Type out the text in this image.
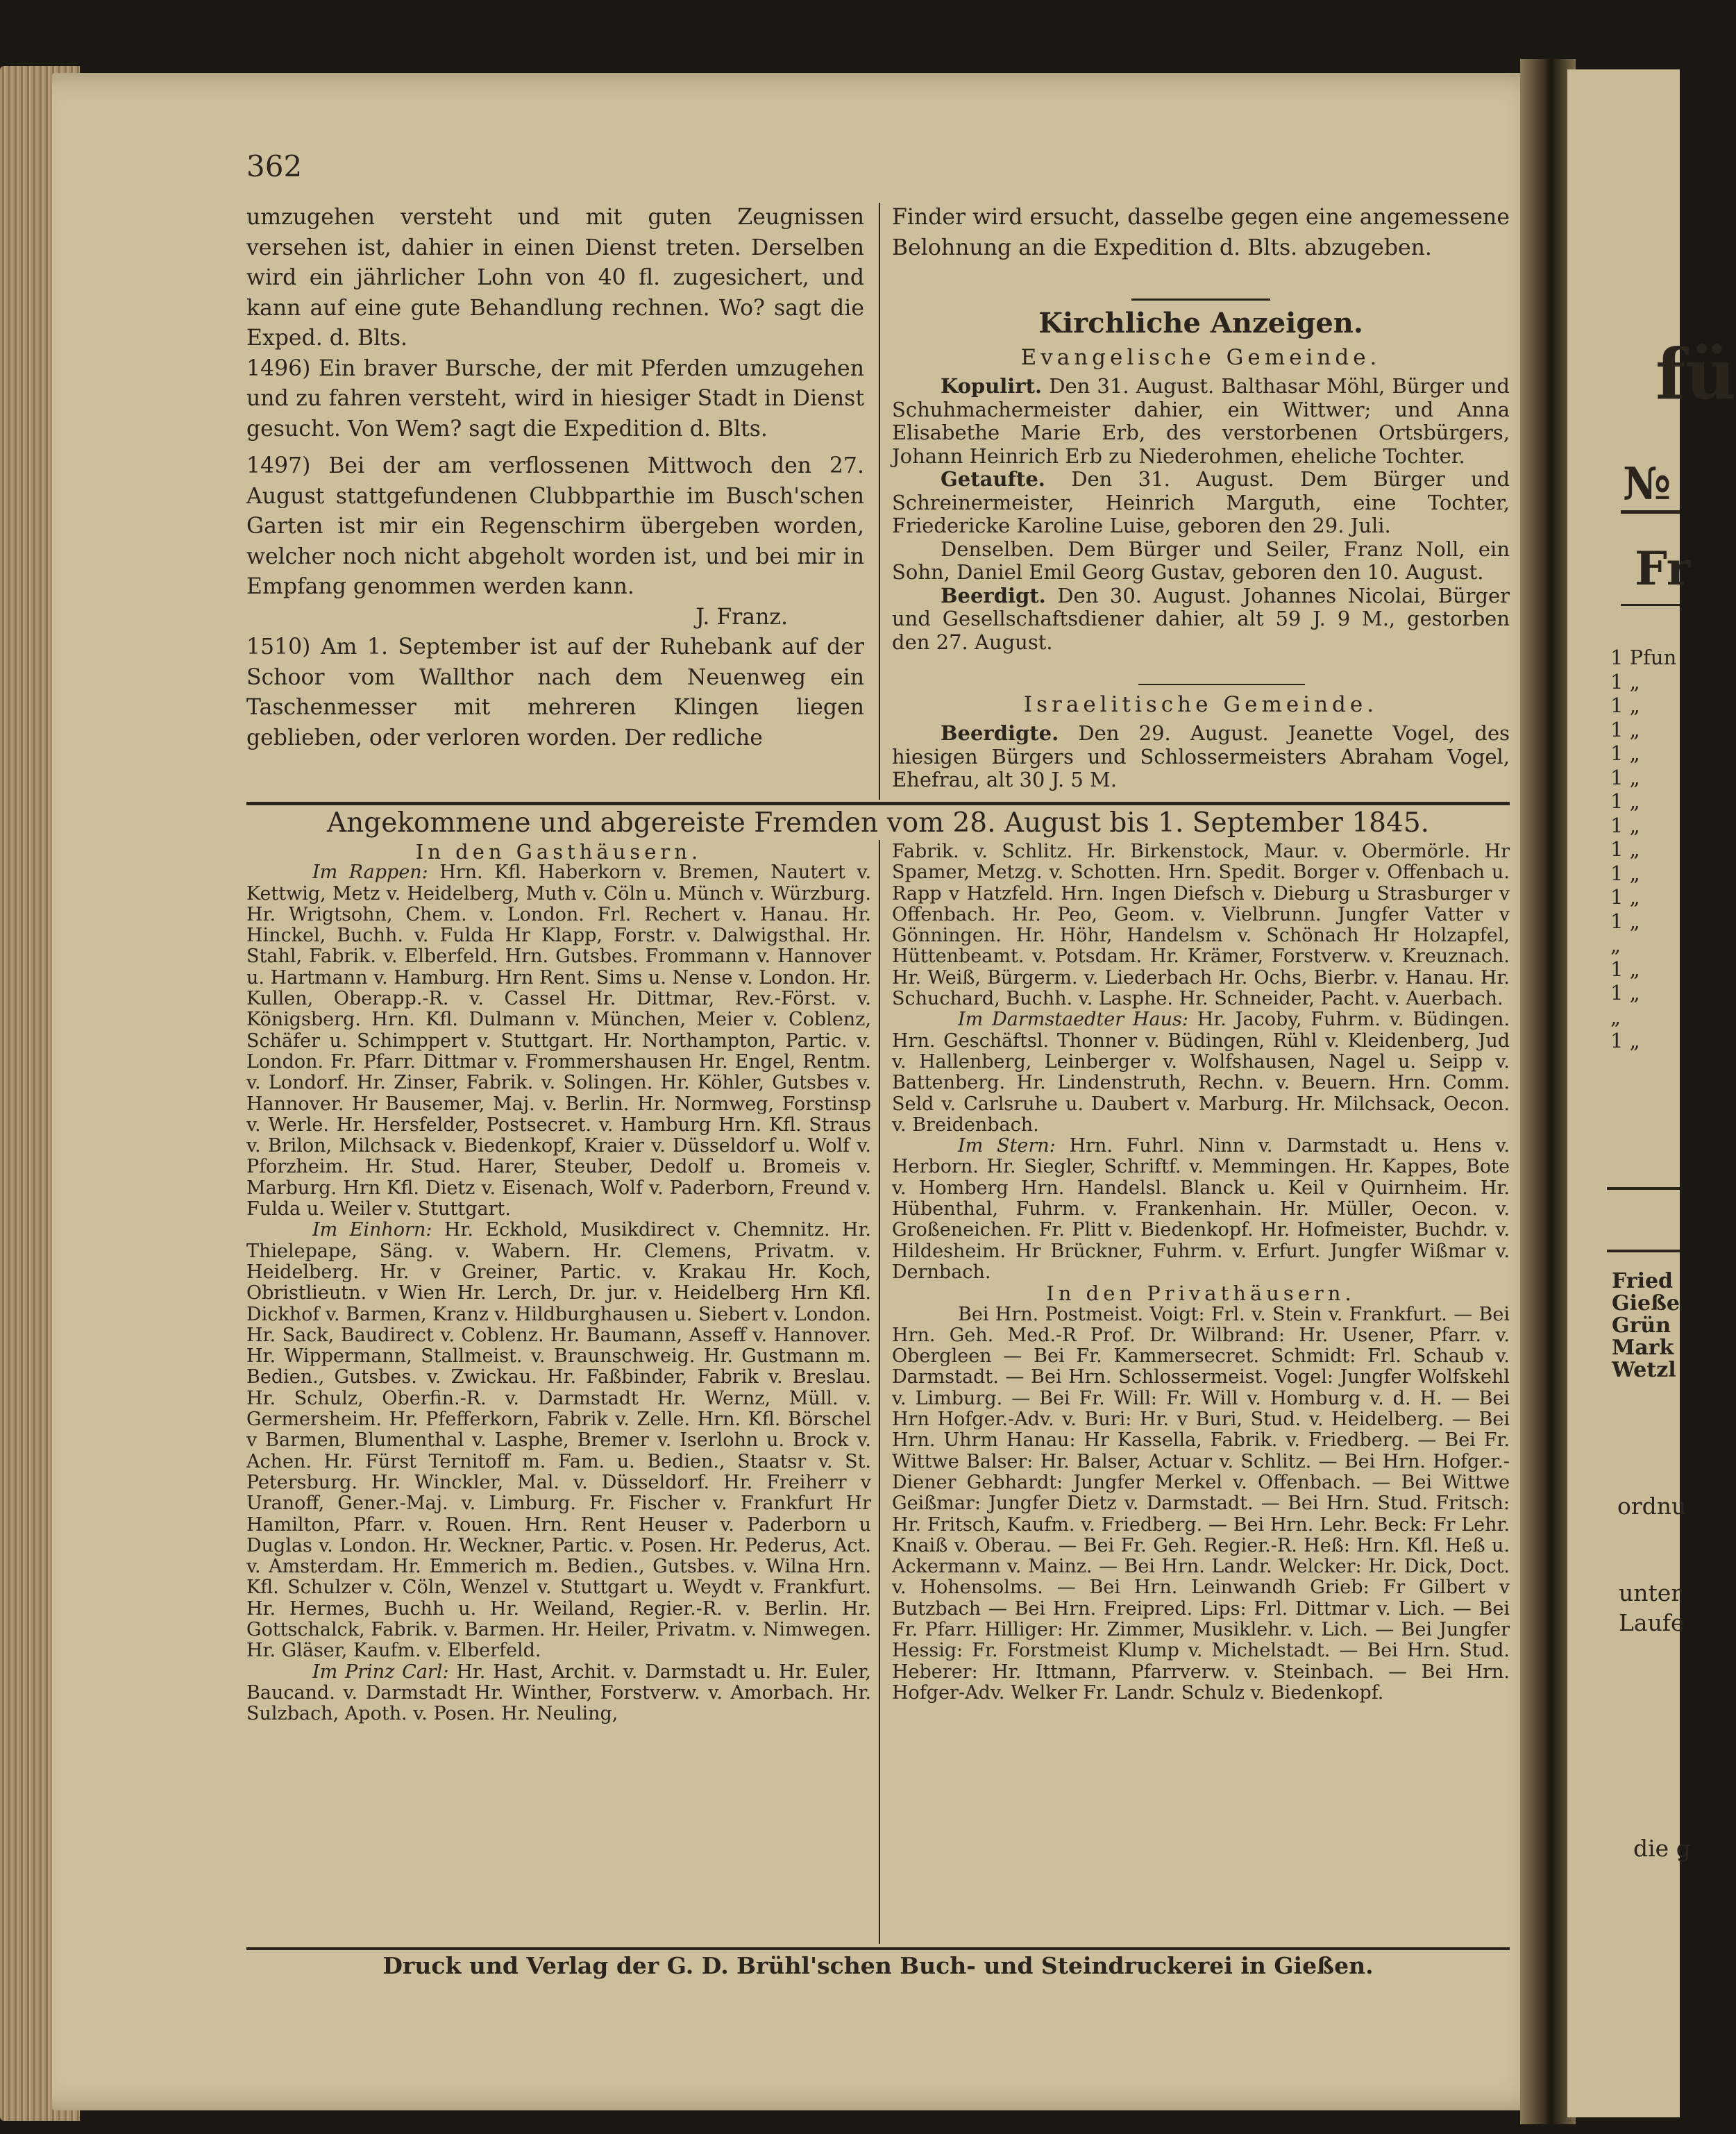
362

umzugehen versteht und mit guten Zeugnissen versehen ist, dahier in einen Dienst treten. Derselben wird ein jährlicher Lohn von 40 fl. zugesichert, und kann auf eine gute Behandlung rechnen. Wo? sagt die Exped. d. Blts.

1496) Ein braver Bursche, der mit Pferden umzugehen und zu fahren versteht, wird in hiesiger Stadt in Dienst gesucht. Von Wem? sagt die Expedition d. Blts.

1497) Bei der am verflossenen Mittwoch den 27. August stattgefundenen Clubbparthie im Busch'schen Garten ist mir ein Regenschirm übergeben worden, welcher noch nicht abgeholt worden ist, und bei mir in Empfang genommen werden kann.

J. Franz.

1510) Am 1. September ist auf der Ruhebank auf der Schoor vom Wallthor nach dem Neuenweg ein Taschenmesser mit mehreren Klingen liegen geblieben, oder verloren worden. Der redliche

Finder wird ersucht, dasselbe gegen eine angemessene Belohnung an die Expedition d. Blts. abzugeben.
Kirchliche Anzeigen.
Evangelische Gemeinde.

Kopulirt. Den 31. August. Balthasar Möhl, Bürger und Schuhmachermeister dahier, ein Wittwer; und Anna Elisabethe Marie Erb, des verstorbenen Ortsbürgers, Johann Heinrich Erb zu Niederohmen, eheliche Tochter.

Getaufte. Den 31. August. Dem Bürger und Schreinermeister, Heinrich Marguth, eine Tochter, Friedericke Karoline Luise, geboren den 29. Juli.

Denselben. Dem Bürger und Seiler, Franz Noll, ein Sohn, Daniel Emil Georg Gustav, geboren den 10. August.

Beerdigt. Den 30. August. Johannes Nicolai, Bürger und Gesellschaftsdiener dahier, alt 59 J. 9 M., gestorben den 27. August.

Israelitische Gemeinde.

Beerdigte. Den 29. August. Jeanette Vogel, des hiesigen Bürgers und Schlossermeisters Abraham Vogel, Ehefrau, alt 30 J. 5 M.

Angekommene und abgereiste Fremden vom 28. August bis 1. September 1845.

In den Gasthäusern.

Im Rappen: Hrn. Kfl. Haberkorn v. Bremen, Nautert v. Kettwig, Metz v. Heidelberg, Muth v. Cöln u. Münch v. Würzburg. Hr. Wrigtsohn, Chem. v. London. Frl. Rechert v. Hanau. Hr. Hinckel, Buchh. v. Fulda Hr Klapp, Forstr. v. Dalwigsthal. Hr. Stahl, Fabrik. v. Elberfeld. Hrn. Gutsbes. Frommann v. Hannover u. Hartmann v. Hamburg. Hrn Rent. Sims u. Nense v. London. Hr. Kullen, Oberapp.-R. v. Cassel Hr. Dittmar, Rev.-Först. v. Königsberg. Hrn. Kfl. Dulmann v. München, Meier v. Coblenz, Schäfer u. Schimppert v. Stuttgart. Hr. Northampton, Partic. v. London. Fr. Pfarr. Dittmar v. Frommershausen Hr. Engel, Rentm. v. Londorf. Hr. Zinser, Fabrik. v. Solingen. Hr. Köhler, Gutsbes v. Hannover. Hr Bausemer, Maj. v. Berlin. Hr. Normweg, Forstinsp v. Werle. Hr. Hersfelder, Postsecret. v. Hamburg Hrn. Kfl. Straus v. Brilon, Milchsack v. Biedenkopf, Kraier v. Düsseldorf u. Wolf v. Pforzheim. Hr. Stud. Harer, Steuber, Dedolf u. Bromeis v. Marburg. Hrn Kfl. Dietz v. Eisenach, Wolf v. Paderborn, Freund v. Fulda u. Weiler v. Stuttgart.

Im Einhorn: Hr. Eckhold, Musikdirect v. Chemnitz. Hr. Thielepape, Säng. v. Wabern. Hr. Clemens, Privatm. v. Heidelberg. Hr. v Greiner, Partic. v. Krakau Hr. Koch, Obristlieutn. v Wien Hr. Lerch, Dr. jur. v. Heidelberg Hrn Kfl. Dickhof v. Barmen, Kranz v. Hildburghausen u. Siebert v. London. Hr. Sack, Baudirect v. Coblenz. Hr. Baumann, Asseff v. Hannover. Hr. Wippermann, Stallmeist. v. Braunschweig. Hr. Gustmann m. Bedien., Gutsbes. v. Zwickau. Hr. Faßbinder, Fabrik v. Breslau. Hr. Schulz, Oberfin.-R. v. Darmstadt Hr. Wernz, Müll. v. Germersheim. Hr. Pfefferkorn, Fabrik v. Zelle. Hrn. Kfl. Börschel v Barmen, Blumenthal v. Lasphe, Bremer v. Iserlohn u. Brock v. Achen. Hr. Fürst Ternitoff m. Fam. u. Bedien., Staatsr v. St. Petersburg. Hr. Winckler, Mal. v. Düsseldorf. Hr. Freiherr v Uranoff, Gener.-Maj. v. Limburg. Fr. Fischer v. Frankfurt Hr Hamilton, Pfarr. v. Rouen. Hrn. Rent Heuser v. Paderborn u Duglas v. London. Hr. Weckner, Partic. v. Posen. Hr. Pederus, Act. v. Amsterdam. Hr. Emmerich m. Bedien., Gutsbes. v. Wilna Hrn. Kfl. Schulzer v. Cöln, Wenzel v. Stuttgart u. Weydt v. Frankfurt. Hr. Hermes, Buchh u. Hr. Weiland, Regier.-R. v. Berlin. Hr. Gottschalck, Fabrik. v. Barmen. Hr. Heiler, Privatm. v. Nimwegen. Hr. Gläser, Kaufm. v. Elberfeld.

Im Prinz Carl: Hr. Hast, Archit. v. Darmstadt u. Hr. Euler, Baucand. v. Darmstadt Hr. Winther, Forstverw. v. Amorbach. Hr. Sulzbach, Apoth. v. Posen. Hr. Neuling,

Fabrik. v. Schlitz. Hr. Birkenstock, Maur. v. Obermörle. Hr Spamer, Metzg. v. Schotten. Hrn. Spedit. Borger v. Offenbach u. Rapp v Hatzfeld. Hrn. Ingen Diefsch v. Dieburg u Strasburger v Offenbach. Hr. Peo, Geom. v. Vielbrunn. Jungfer Vatter v Gönningen. Hr. Höhr, Handelsm v. Schönach Hr Holzapfel, Hüttenbeamt. v. Potsdam. Hr. Krämer, Forstverw. v. Kreuznach. Hr. Weiß, Bürgerm. v. Liederbach Hr. Ochs, Bierbr. v. Hanau. Hr. Schuchard, Buchh. v. Lasphe. Hr. Schneider, Pacht. v. Auerbach.

Im Darmstaedter Haus: Hr. Jacoby, Fuhrm. v. Büdingen. Hrn. Geschäftsl. Thonner v. Büdingen, Rühl v. Kleidenberg, Jud v. Hallenberg, Leinberger v. Wolfshausen, Nagel u. Seipp v. Battenberg. Hr. Lindenstruth, Rechn. v. Beuern. Hrn. Comm. Seld v. Carlsruhe u. Daubert v. Marburg. Hr. Milchsack, Oecon. v. Breidenbach.

Im Stern: Hrn. Fuhrl. Ninn v. Darmstadt u. Hens v. Herborn. Hr. Siegler, Schriftf. v. Memmingen. Hr. Kappes, Bote v. Homberg Hrn. Handelsl. Blanck u. Keil v Quirnheim. Hr. Hübenthal, Fuhrm. v. Frankenhain. Hr. Müller, Oecon. v. Großeneichen. Fr. Plitt v. Biedenkopf. Hr. Hofmeister, Buchdr. v. Hildesheim. Hr Brückner, Fuhrm. v. Erfurt. Jungfer Wißmar v. Dernbach.

In den Privathäusern.

Bei Hrn. Postmeist. Voigt: Frl. v. Stein v. Frankfurt. — Bei Hrn. Geh. Med.-R Prof. Dr. Wilbrand: Hr. Usener, Pfarr. v. Obergleen — Bei Fr. Kammersecret. Schmidt: Frl. Schaub v. Darmstadt. — Bei Hrn. Schlossermeist. Vogel: Jungfer Wolfskehl v. Limburg. — Bei Fr. Will: Fr. Will v. Homburg v. d. H. — Bei Hrn Hofger.-Adv. v. Buri: Hr. v Buri, Stud. v. Heidelberg. — Bei Hrn. Uhrm Hanau: Hr Kassella, Fabrik. v. Friedberg. — Bei Fr. Wittwe Balser: Hr. Balser, Actuar v. Schlitz. — Bei Hrn. Hofger.-Diener Gebhardt: Jungfer Merkel v. Offenbach. — Bei Wittwe Geißmar: Jungfer Dietz v. Darmstadt. — Bei Hrn. Stud. Fritsch: Hr. Fritsch, Kaufm. v. Friedberg. — Bei Hrn. Lehr. Beck: Fr Lehr. Knaiß v. Oberau. — Bei Fr. Geh. Regier.-R. Heß: Hrn. Kfl. Heß u. Ackermann v. Mainz. — Bei Hrn. Landr. Welcker: Hr. Dick, Doct. v. Hohensolms. — Bei Hrn. Leinwandh Grieb: Fr Gilbert v Butzbach — Bei Hrn. Freipred. Lips: Frl. Dittmar v. Lich. — Bei Fr. Pfarr. Hilliger: Hr. Zimmer, Musiklehr. v. Lich. — Bei Jungfer Hessig: Fr. Forstmeist Klump v. Michelstadt. — Bei Hrn. Stud. Heberer: Hr. Ittmann, Pfarrverw. v. Steinbach. — Bei Hrn. Hofger-Adv. Welker Fr. Landr. Schulz v. Biedenkopf.

Druck und Verlag der G. D. Brühl'schen Buch- und Steindruckerei in Gießen.
fü
№
Fr
1 Pfun
1 „
1 „
1 „
1 „
1 „
1 „
1 „
1 „
1 „
1 „
1 „
„
1 „
1 „
„
1 „
Fried
Gieße
Grün
Mark
Wetzl
ordnu
unter
Laufe
die g
